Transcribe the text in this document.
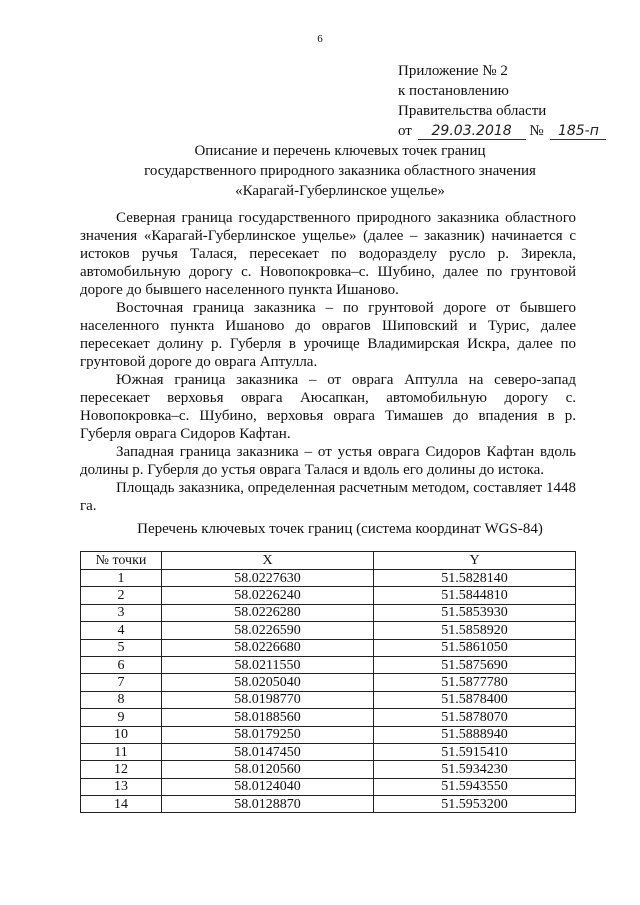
6
Приложение № 2
к постановлению
Правительства области
от 29.03.2018 № 185-п
Описание и перечень ключевых точек границ
государственного природного заказника областного значения
«Карагай-Губерлинское ущелье»

Северная граница государственного природного заказника областного значения «Карагай-Губерлинское ущелье» (далее – заказник) начинается с истоков ручья Талася, пересекает по водоразделу русло р. Зирекла, автомобильную дорогу с. Новопокровка–с. Шубино, далее по грунтовой дороге до бывшего населенного пункта Ишаново.

Восточная граница заказника – по грунтовой дороге от бывшего населенного пункта Ишаново до оврагов Шиповский и Турис, далее пересекает долину р. Губерля в урочище Владимирская Искра, далее по грунтовой дороге до оврага Аптулла.

Южная граница заказника – от оврага Аптулла на северо-запад пересекает верховья оврага Аюсапкан, автомобильную дорогу с. Новопокровка–с. Шубино, верховья оврага Тимашев до впадения в р. Губерля оврага Сидоров Кафтан.

Западная граница заказника – от устья оврага Сидоров Кафтан вдоль долины р. Губерля до устья оврага Талася и вдоль его долины до истока.

Площадь заказника, определенная расчетным методом, составляет 1448 га.

Перечень ключевых точек границ (система координат WGS-84)
№ точки	X	Y
1	58.0227630	51.5828140
2	58.0226240	51.5844810
3	58.0226280	51.5853930
4	58.0226590	51.5858920
5	58.0226680	51.5861050
6	58.0211550	51.5875690
7	58.0205040	51.5877780
8	58.0198770	51.5878400
9	58.0188560	51.5878070
10	58.0179250	51.5888940
11	58.0147450	51.5915410
12	58.0120560	51.5934230
13	58.0124040	51.5943550
14	58.0128870	51.5953200
